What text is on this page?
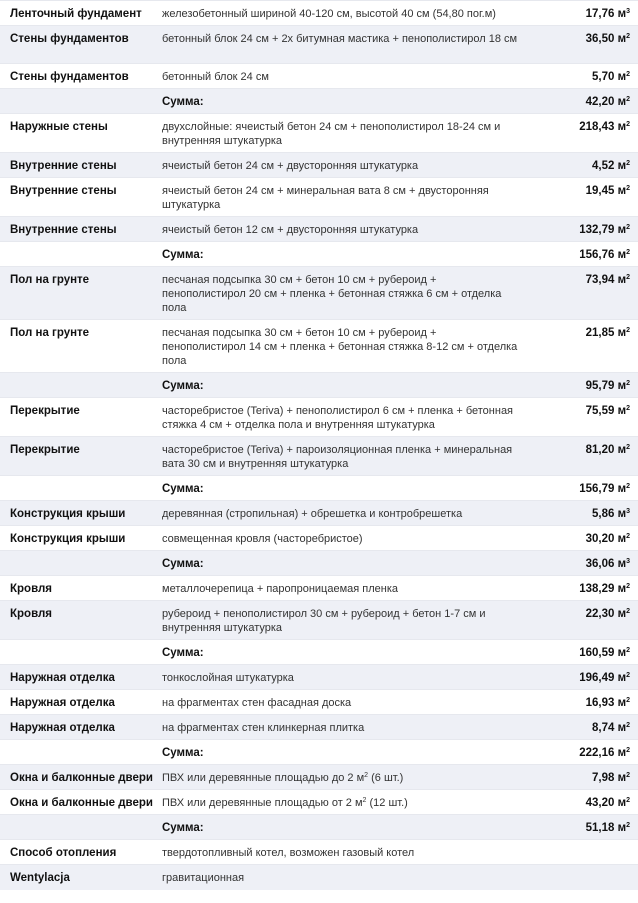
Ленточный фундамент	железобетонный шириной 40-120 см, высотой 40 см (54,80 пог.м)	17,76 $м^3$
Стены фундаментов	бетонный блок 24 см + 2х битумная мастика + пенополистирол 18 см	36,50 $м^2$
Стены фундаментов	бетонный блок 24 см	5,70 $м^2$
	Сумма:	42,20 $м^2$
Наружные стены	двухслойные: ячеистый бетон 24 см + пенополистирол 18-24 см и внутренняя штукатурка	218,43 $м^2$
Внутренние стены	ячеистый бетон 24 см + двусторонняя штукатурка	4,52 $м^2$
Внутренние стены	ячеистый бетон 24 см + минеральная вата 8 см + двусторонняя штукатурка	19,45 $м^2$
Внутренние стены	ячеистый бетон 12 см + двусторонняя штукатурка	132,79 $м^2$
	Сумма:	156,76 $м^2$
Пол на грунте	песчаная подсыпка 30 см + бетон 10 см + рубероид + пенополистирол 20 см + пленка + бетонная стяжка 6 см + отделка пола	73,94 $м^2$
Пол на грунте	песчаная подсыпка 30 см + бетон 10 см + рубероид + пенополистирол 14 см + пленка + бетонная стяжка 8-12 см + отделка пола	21,85 $м^2$
	Сумма:	95,79 $м^2$
Перекрытие	часторебристое (Teriva) + пенополистирол 6 см + пленка + бетонная стяжка 4 см + отделка пола и внутренняя штукатурка	75,59 $м^2$
Перекрытие	часторебристое (Teriva) + пароизоляционная пленка + минеральная вата 30 см и внутренняя штукатурка	81,20 $м^2$
	Сумма:	156,79 $м^2$
Конструкция крыши	деревянная (стропильная) + обрешетка и контробрешетка	5,86 $м^3$
Конструкция крыши	совмещенная кровля (часторебристое)	30,20 $м^2$
	Сумма:	36,06 $м^3$
Кровля	металлочерепица + паропроницаемая пленка	138,29 $м^2$
Кровля	рубероид + пенополистирол 30 см + рубероид + бетон 1-7 см и внутренняя штукатурка	22,30 $м^2$
	Сумма:	160,59 $м^2$
Наружная отделка	тонкослойная штукатурка	196,49 $м^2$
Наружная отделка	на фрагментах стен фасадная доска	16,93 $м^2$
Наружная отделка	на фрагментах стен клинкерная плитка	8,74 $м^2$
	Сумма:	222,16 $м^2$
Окна и балконные двери	ПВХ или деревянные площадью до 2 $м^2$ (6 шт.)	7,98 $м^2$
Окна и балконные двери	ПВХ или деревянные площадью от 2 $м^2$ (12 шт.)	43,20 $м^2$
	Сумма:	51,18 $м^2$
Способ отопления	твердотопливный котел, возможен газовый котел	
Wentylacja	гравитационная	
